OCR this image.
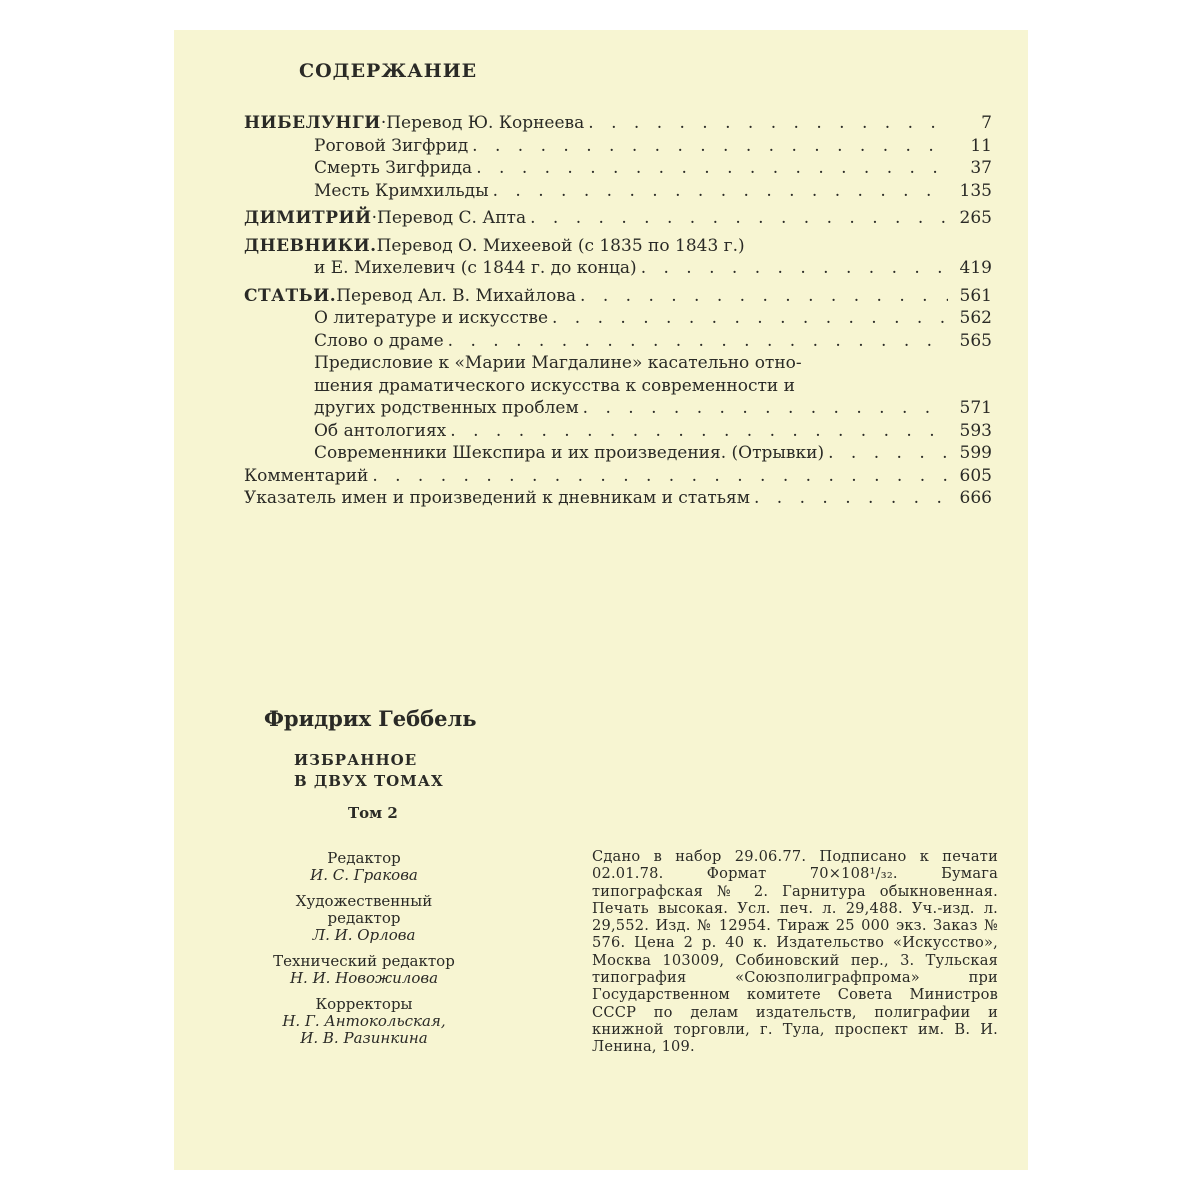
СОДЕРЖАНИЕ
НИБЕЛУНГИ · Перевод Ю. Корнеева . . .	7
Роговой Зигфрид . . .	11
Смерть Зигфрида . . .	37
Месть Кримхильды . . .	135
ДИМИТРИЙ · Перевод С. Апта . . .	265
ДНЕВНИКИ. Перевод О. Михеевой (с 1835 по 1843 г.)
и Е. Михелевич (с 1844 г. до конца) . . .	419
СТАТЬИ. Перевод Ал. В. Михайлова . . .	561
О литературе и искусстве . . .	562
Слово о драме . . .	565
Предисловие к «Марии Магдалине» касательно отно-
шения драматического искусства к современности и
других родственных проблем . . .	571
Об антологиях . . .	593
Современники Шекспира и их произведения. (Отрывки) . . .	599
Комментарий . . .	605
Указатель имен и произведений к дневникам и статьям . . .	666
Фридрих Геббель
ИЗБРАННОЕ
В ДВУХ ТОМАХ
Том 2
Редактор
И. С. Гракова
Художественный редактор
Л. И. Орлова
Технический редактор
Н. И. Новожилова
Корректоры
Н. Г. Антокольская,
И. В. Разинкина
Сдано в набор 29.06.77. Подписано к печати 02.01.78. Формат 70×108¹/₃₂. Бумага типографская № 2. Гарнитура обыкновенная. Печать высокая. Усл. печ. л. 29,488. Уч.-изд. л. 29,552. Изд. № 12954. Тираж 25 000 экз. Заказ № 576. Цена 2 р. 40 к. Издательство «Искусство», Москва 103009, Собиновский пер., 3. Тульская типография «Союзполиграфпрома» при Государственном комитете Совета Министров СССР по делам издательств, полиграфии и книжной торговли, г. Тула, проспект им. В. И. Ленина, 109.
